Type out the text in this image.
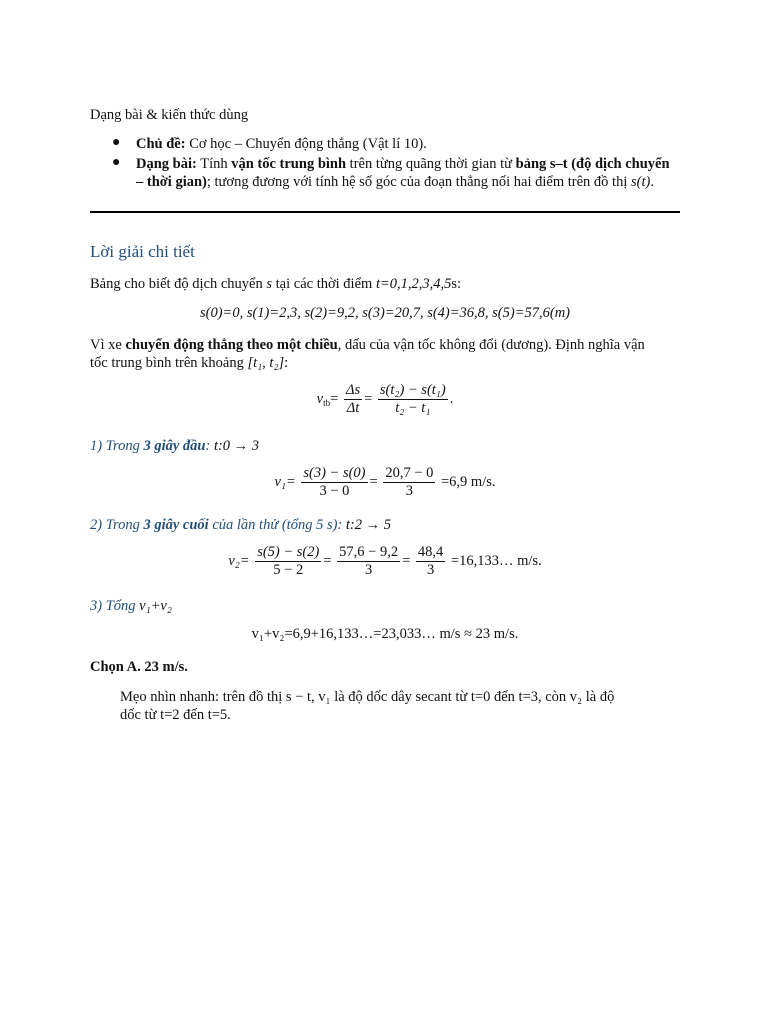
Dạng bài & kiến thức dùng
● Chủ đề: Cơ học – Chuyển động thẳng (Vật lí 10).
● Dạng bài: Tính vận tốc trung bình trên từng quãng thời gian từ bảng s–t (độ dịch chuyển – thời gian); tương đương với tính hệ số góc của đoạn thẳng nối hai điểm trên đồ thị s(t).
Lời giải chi tiết
Bảng cho biết độ dịch chuyển s tại các thời điểm t=0,1,2,3,4,5s:
s(0)=0, s(1)=2,3, s(2)=9,2, s(3)=20,7, s(4)=36,8, s(5)=57,6(m)
Vì xe chuyển động thẳng theo một chiều, dấu của vận tốc không đổi (dương). Định nghĩa vận
tốc trung bình trên khoảng [t₁, t₂]:
$v_{tb}= \frac{\Delta s}{\Delta t} = \frac{\text{s(t₂) − s(t₁)}}{\text{t₂ − t₁}}$ .
1) Trong 3 giây đầu: t:0 → 3
$v_1= \frac{s(3) - s(0)}{3 - 0} = \frac{20,7 - 0}{3} =6,9$ m/s.
2) Trong 3 giây cuối của lần thử (tổng 5 s): t:2 → 5
$v_2= \frac{s(5) - s(2)}{5 - 2} = \frac{57,6 - 9,2}{3} = \frac{48,4}{3}$ =16,133… m/s.
3) Tổng v₁+v₂
v₁+v₂=6,9+16,133…=23,033… m/s ≈ 23 m/s.
Chọn A. 23 m/s.
Mẹo nhìn nhanh: trên đồ thị s − t, v₁ là độ dốc dây secant từ t=0 đến t=3, còn v₂ là độ
dốc từ t=2 đến t=5.
